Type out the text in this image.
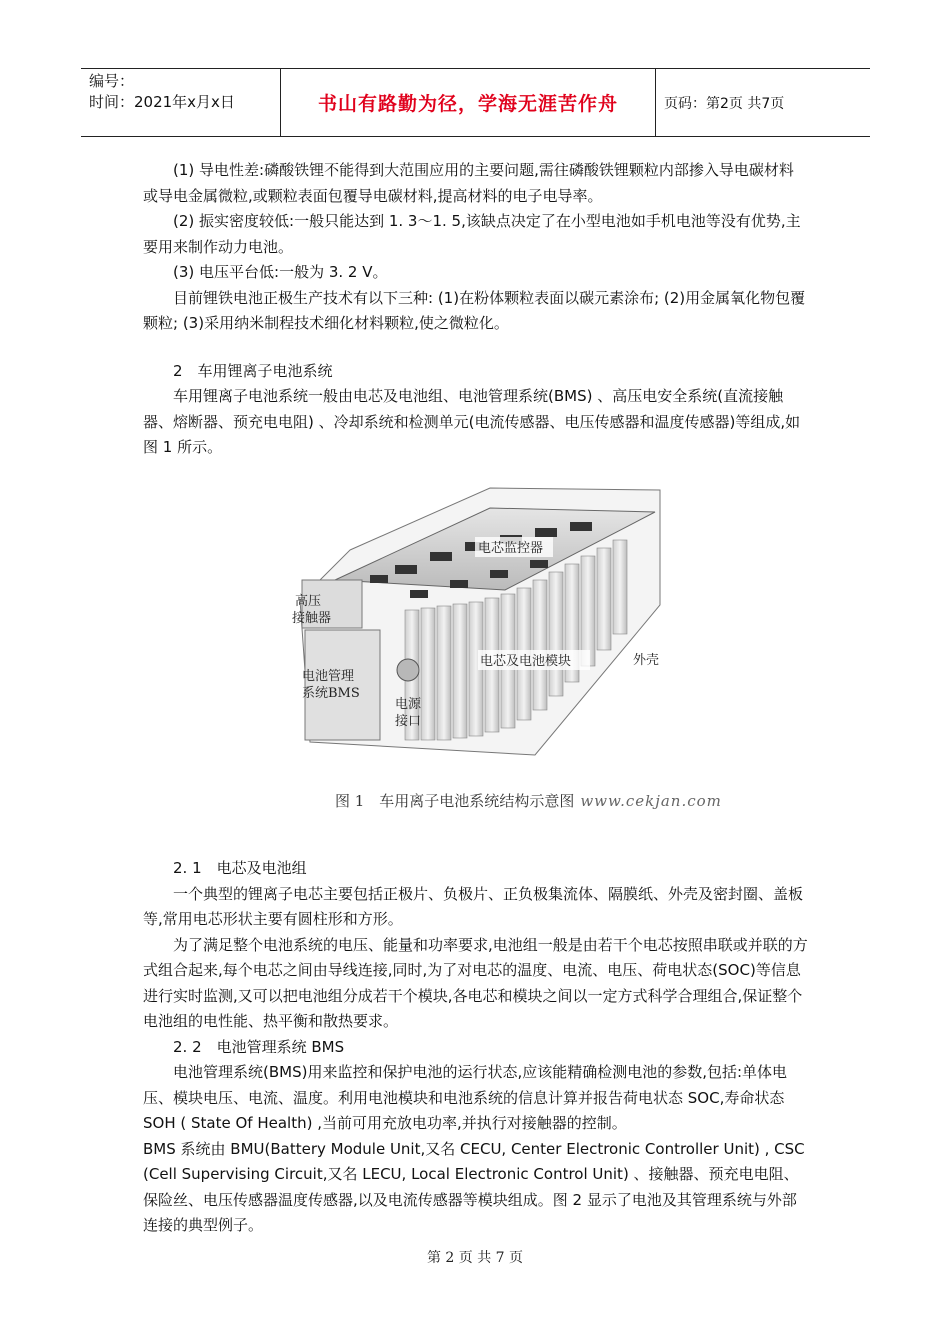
编号：
时间：2021年x月x日	书山有路勤为径，学海无涯苦作舟	页码：第2页 共7页

(1) 导电性差:磷酸铁锂不能得到大范围应用的主要问题,需往磷酸铁锂颗粒内部掺入导电碳材料或导电金属微粒,或颗粒表面包覆导电碳材料,提高材料的电子电导率。

(2) 振实密度较低:一般只能达到 1. 3～1. 5,该缺点决定了在小型电池如手机电池等没有优势,主要用来制作动力电池。

(3) 电压平台低:一般为 3. 2 V。

目前锂铁电池正极生产技术有以下三种: (1)在粉体颗粒表面以碳元素涂布; (2)用金属氧化物包覆颗粒; (3)采用纳米制程技术细化材料颗粒,使之微粒化。

2　车用锂离子电池系统

车用锂离子电池系统一般由电芯及电池组、电池管理系统(BMS) 、高压电安全系统(直流接触器、熔断器、预充电电阻) 、冷却系统和检测单元(电流传感器、电压传感器和温度传感器)等组成,如图 1 所示。

电芯监控器
高压
接触器
电芯及电池模块	外壳
电池管理
系统BMS
电源
接口
图 1　车用离子电池系统结构示意图 www.cekjan.com

2. 1　电芯及电池组

一个典型的锂离子电芯主要包括正极片、负极片、正负极集流体、隔膜纸、外壳及密封圈、盖板等,常用电芯形状主要有圆柱形和方形。

为了满足整个电池系统的电压、能量和功率要求,电池组一般是由若干个电芯按照串联或并联的方式组合起来,每个电芯之间由导线连接,同时,为了对电芯的温度、电流、电压、荷电状态(SOC)等信息进行实时监测,又可以把电池组分成若干个模块,各电芯和模块之间以一定方式科学合理组合,保证整个电池组的电性能、热平衡和散热要求。

2. 2　电池管理系统 BMS

电池管理系统(BMS)用来监控和保护电池的运行状态,应该能精确检测电池的参数,包括:单体电压、模块电压、电流、温度。利用电池模块和电池系统的信息计算并报告荷电状态 SOC,寿命状态 SOH ( State Of Health) ,当前可用充放电功率,并执行对接触器的控制。

BMS 系统由 BMU(Battery Module Unit,又名 CECU, Center Electronic Controller Unit) , CSC (Cell Supervising Circuit,又名 LECU, Local Electronic Control Unit) 、接触器、预充电电阻、保险丝、电压传感器温度传感器,以及电流传感器等模块组成。图 2 显示了电池及其管理系统与外部连接的典型例子。

第 2 页 共 7 页
